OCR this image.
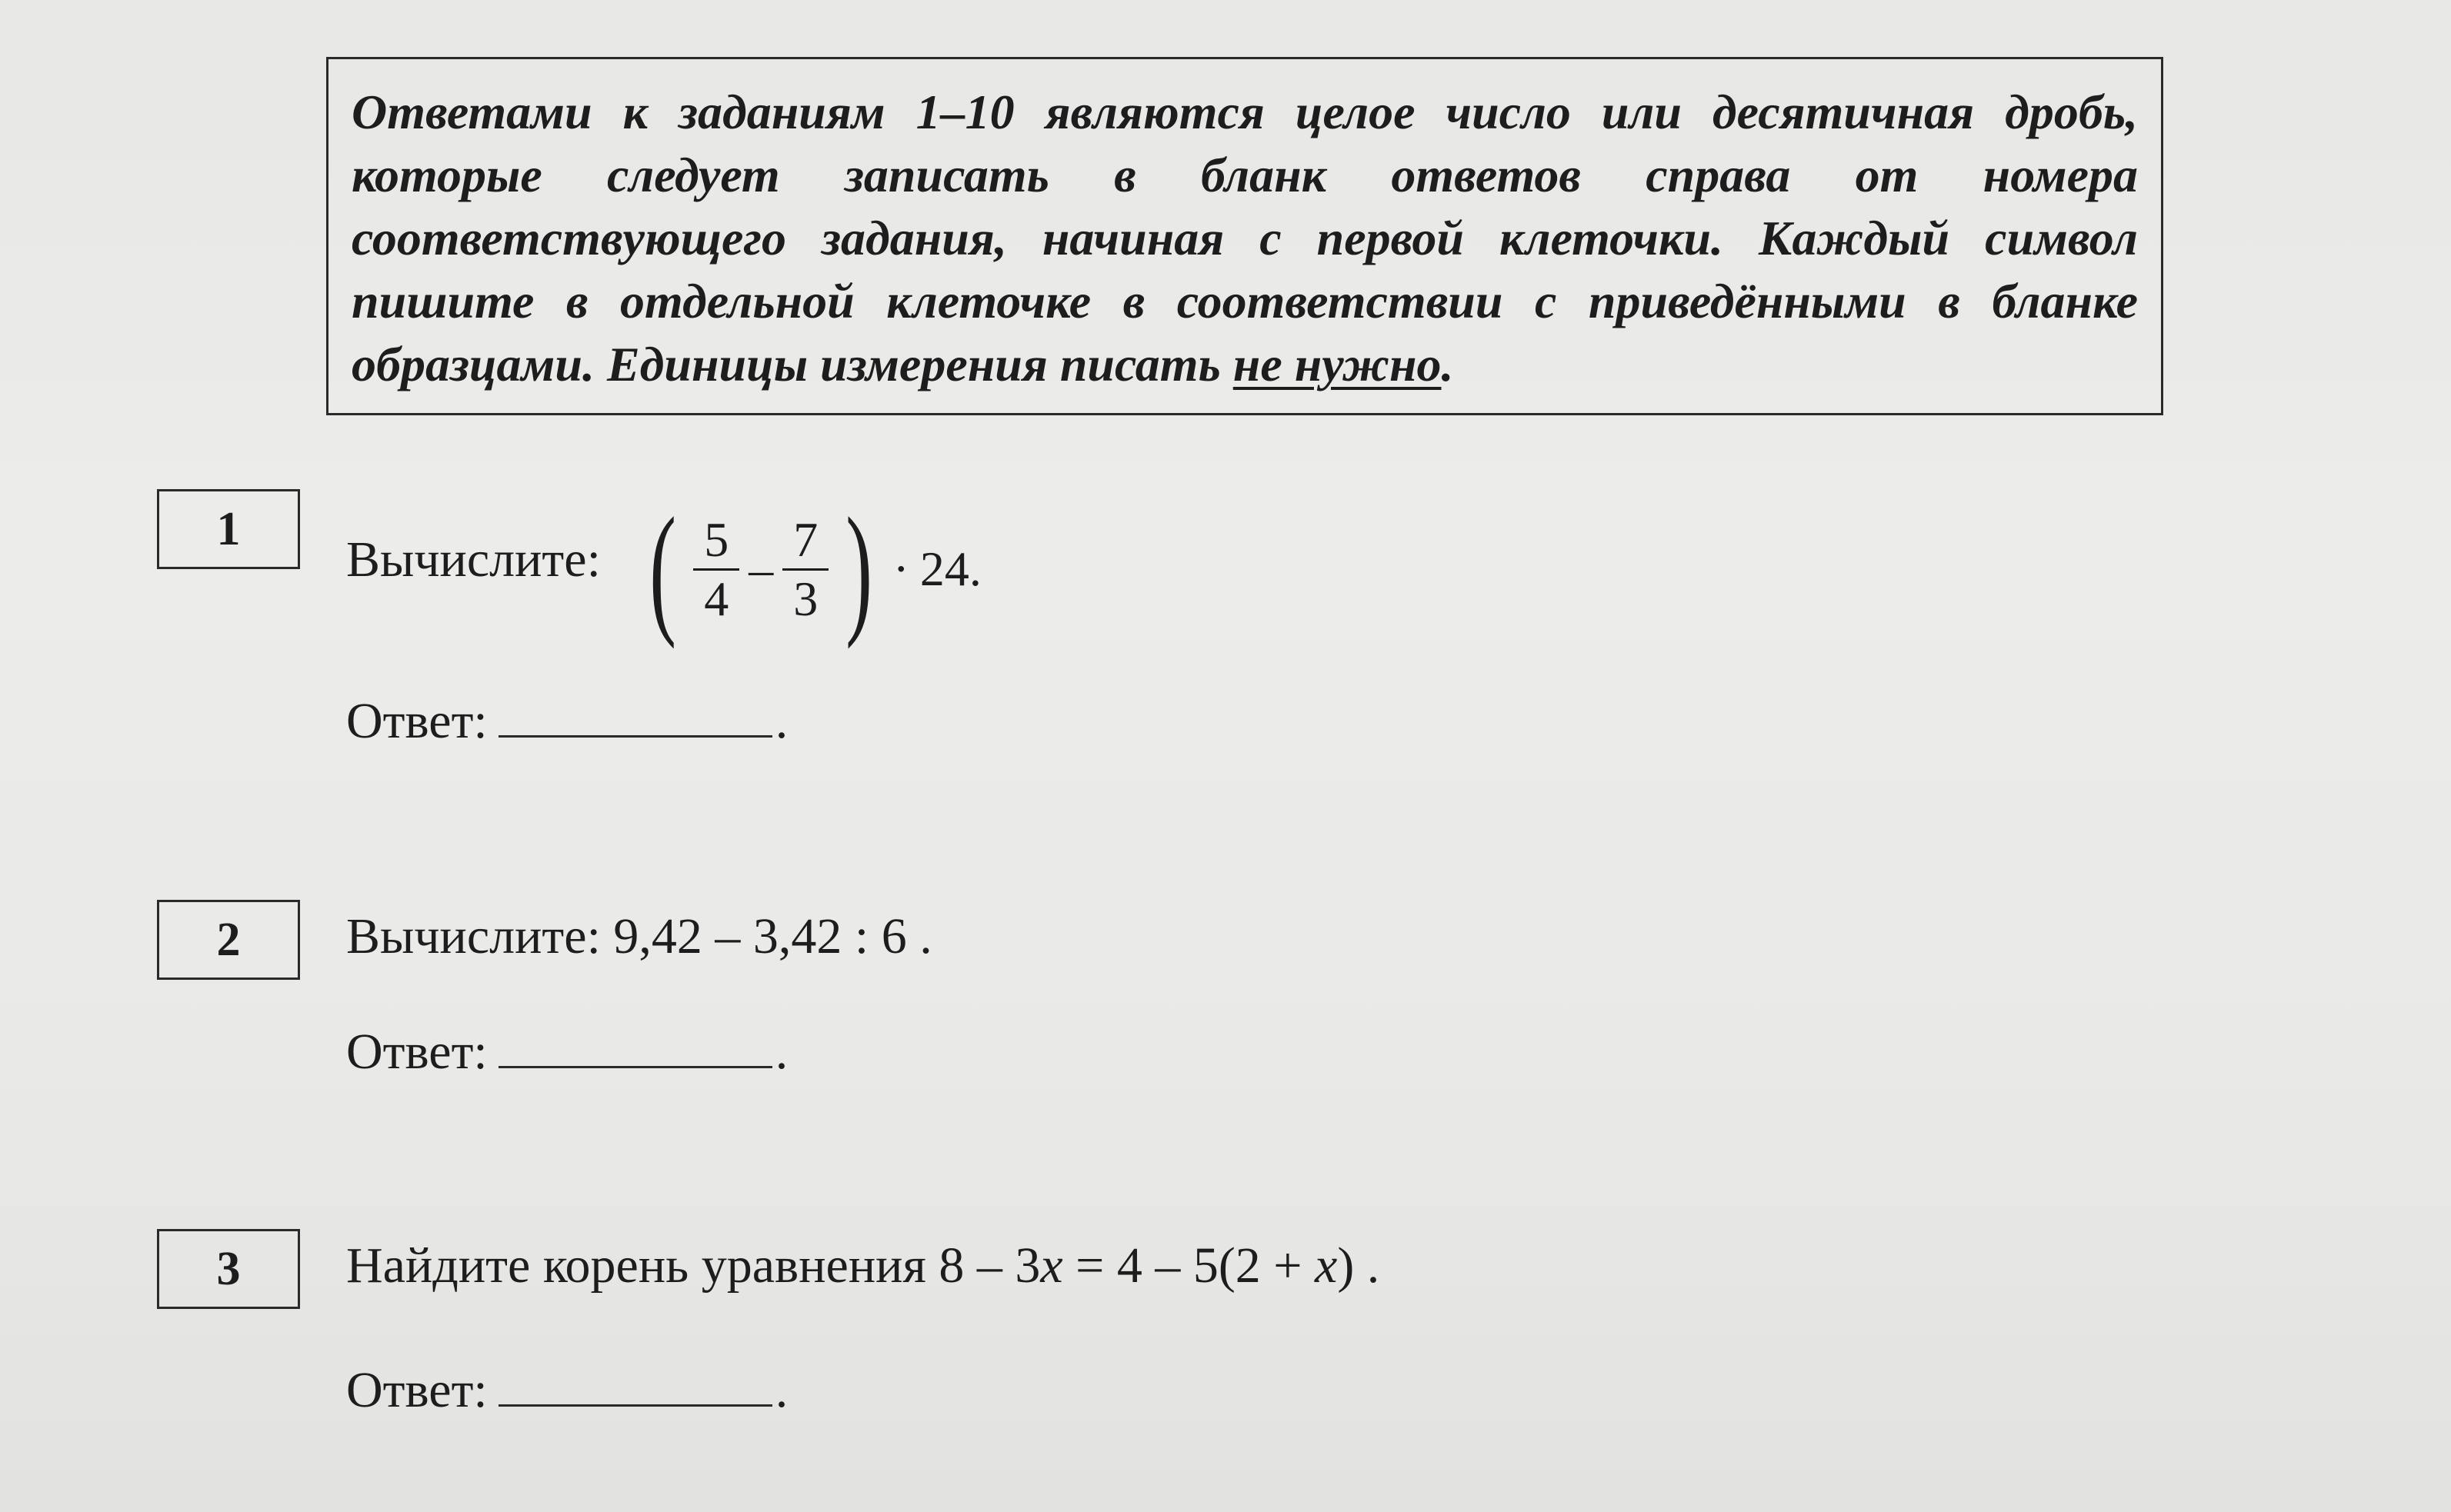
Ответами к заданиям 1–10 являются целое число или десятичная дробь, которые следует записать в бланк ответов справа от номера соответствующего задания, начиная с первой клеточки. Каждый символ пишите в отдельной клеточке в соответствии с приведёнными в бланке образцами. Единицы измерения писать не нужно.
1
Вычислите: ( $\frac{5}{4} - \frac{7}{3}$ ) · 24 .
Ответ:	.
2	Вычислите: 9,42 – 3,42 : 6 .
Ответ:	.
3	Найдите корень уравнения 8 – 3x = 4 – 5(2 + x) .
Ответ:	.
